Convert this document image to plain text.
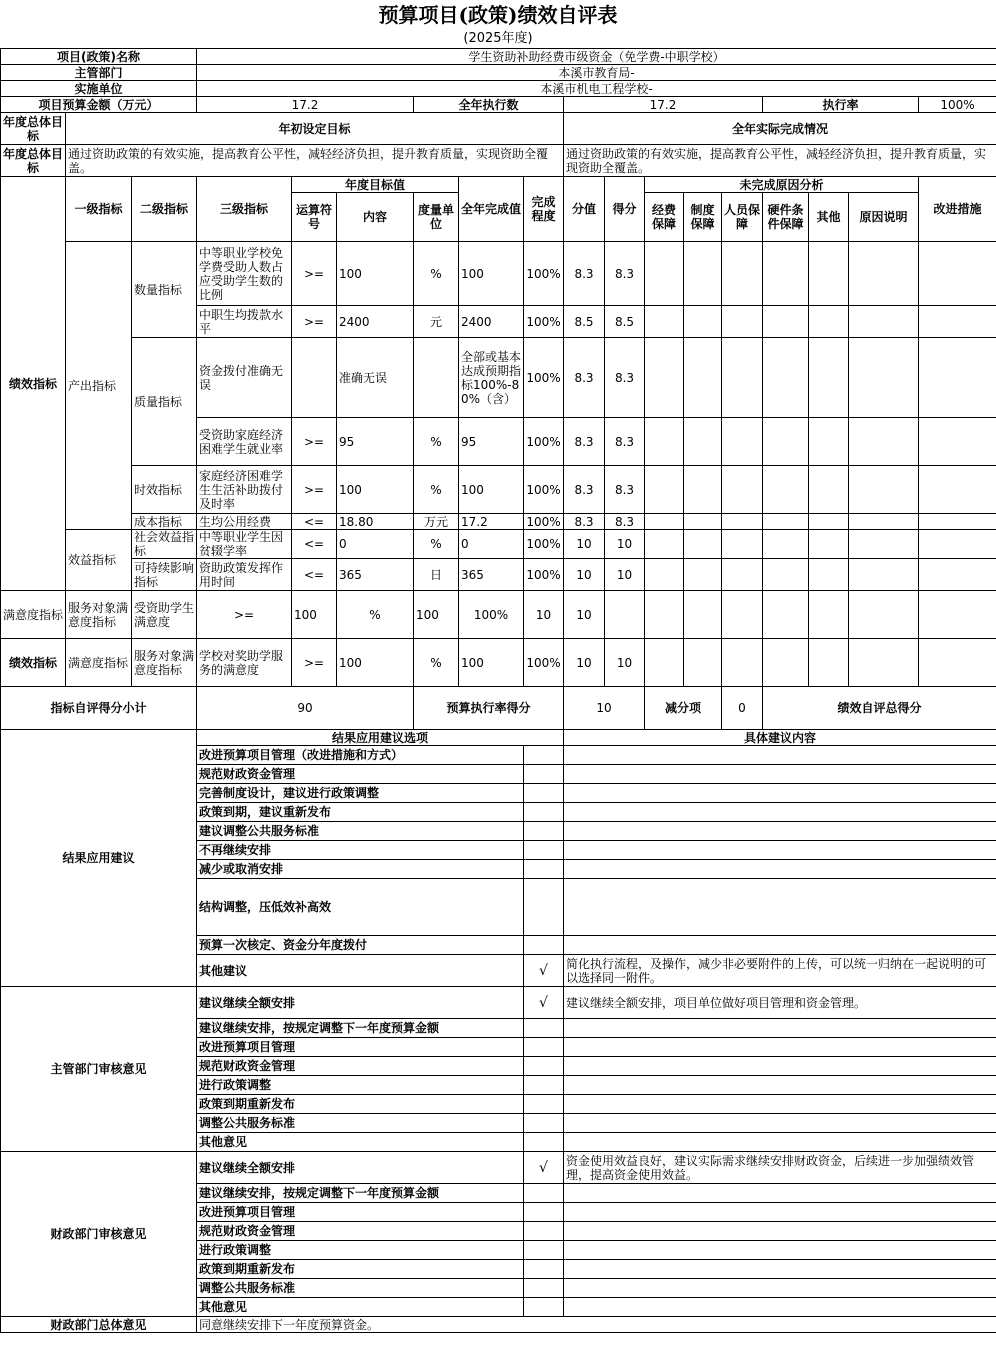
预算项目(政策)绩效自评表
(2025年度)
项目(政策)名称			学生资助补助经费市级资金（免学费-中职学校）															
主管部门			本溪市教育局-															
实施单位			本溪市机电工程学校-															
项目预算金额（万元）			17.2			全年执行数			17.2					执行率			100%	
年度总体目标	年初设定目标								全年实际完成情况									
年度总体目标	通过资助政策的有效实施，提高教育公平性，减轻经济负担，提升教育质量，实现资助全覆盖。								通过资助政策的有效实施，提高教育公平性，减轻经济负担，提升教育质量，实现资助全覆盖。									
绩效指标	一级指标	二级指标	三级指标	年度目标值			全年完成值	完成程度	分值	得分	未完成原因分析						改进措施	
				运算符号	内容	度量单位					经费保障	制度保障	人员保障	硬件条件保障	其他	原因说明		

	产出指标	数量指标	中等职业学校免学费受助人数占应受助学生数的比例	>=	100	%	100	100%	8.3	8.3								
			中职生均拨款水平	>=	2400	元	2400	100%	8.5	8.5								
		质量指标	资金拨付准确无误		准确无误		全部或基本达成预期指标100%-80%（含）	100%	8.3	8.3								
			受资助家庭经济困难学生就业率	>=	95	%	95	100%	8.3	8.3								
		时效指标	家庭经济困难学生生活补助拨付及时率	>=	100	%	100	100%	8.3	8.3								
		成本指标	生均公用经费	<=	18.80	万元	17.2	100%	8.3	8.3								
	效益指标	社会效益指标	中等职业学生因贫辍学率	<=	0	%	0	100%	10	10								
		可持续影响指标	资助政策发挥作用时间	<=	365	日	365	100%	10	10								
满意度指标	服务对象满意度指标	受资助学生满意度	>=	100	%	100	100%	10	10									
绩效指标	满意度指标	服务对象满意度指标	学校对奖助学服务的满意度	>=	100	%	100	100%	10	10								
指标自评得分小计			90			预算执行率得分			10		减分项		0	绩效自评总得分	
结果应用建议			结果应用建议选项						具体建议内容									
			改进预算项目管理（改进措施和方式）															
			规范财政资金管理															
			完善制度设计，建议进行政策调整															
			政策到期，建议重新发布															
			建议调整公共服务标准															
			不再继续安排															
			减少或取消安排															
			结构调整，压低效补高效															
			预算一次核定、资金分年度拨付															
			其他建议					√	简化执行流程，及操作，减少非必要附件的上传，可以统一归纳在一起说明的可以选择同一附件。									
主管部门审核意见			建议继续全额安排					√	建议继续全额安排，项目单位做好项目管理和资金管理。									
			建议继续安排，按规定调整下一年度预算金额															
			改进预算项目管理															
			规范财政资金管理															
			进行政策调整															
			政策到期重新发布															
			调整公共服务标准															
			其他意见															
财政部门审核意见			建议继续全额安排					√	资金使用效益良好，建议实际需求继续安排财政资金，后续进一步加强绩效管理，提高资金使用效益。									
			建议继续安排，按规定调整下一年度预算金额															
			改进预算项目管理															
			规范财政资金管理															
			进行政策调整															
			政策到期重新发布															
			调整公共服务标准															
			其他意见															
财政部门总体意见			同意继续安排下一年度预算资金。															
